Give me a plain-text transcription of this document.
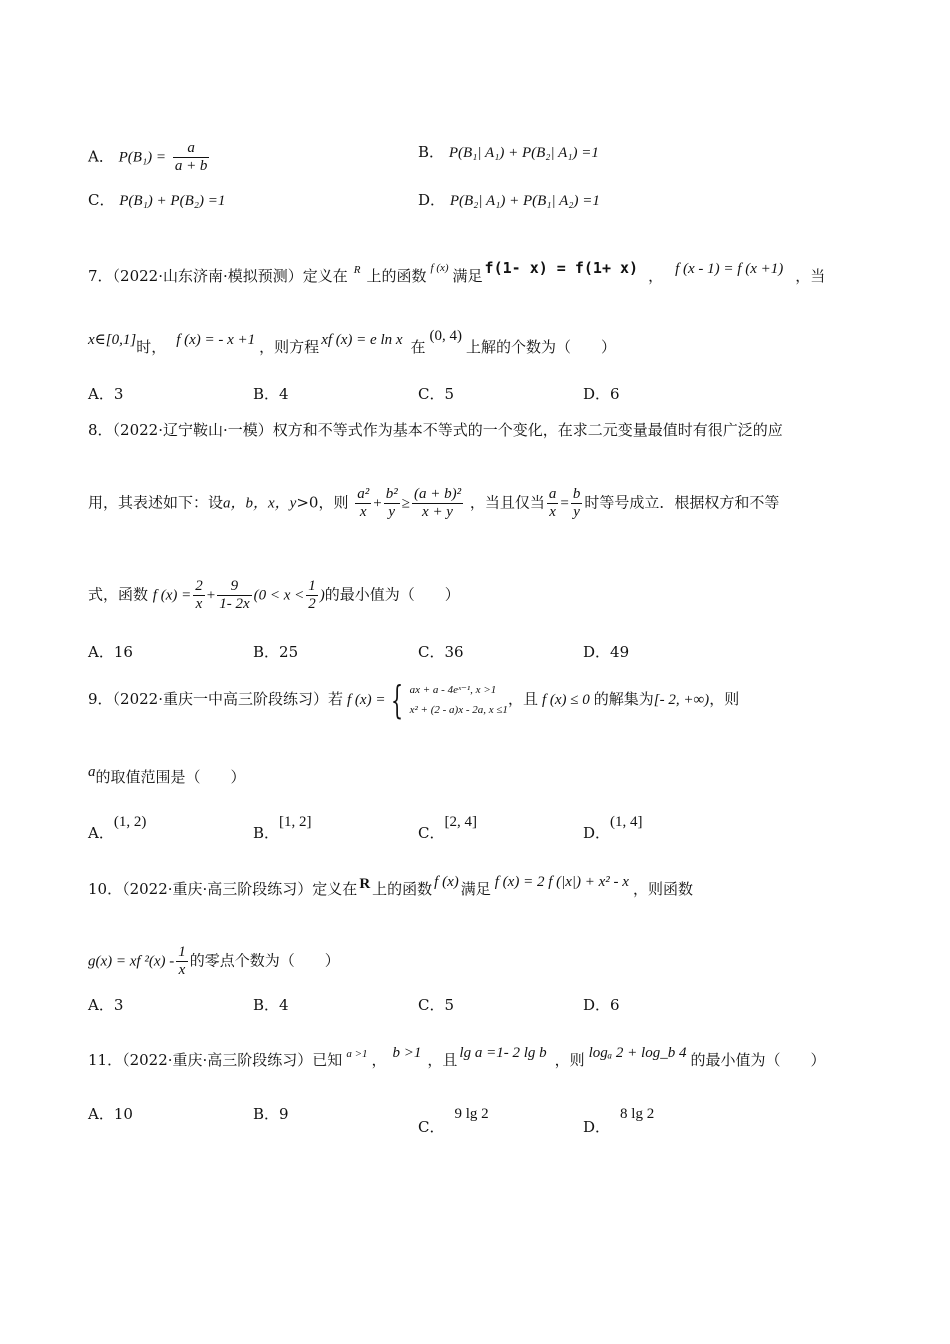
A． $P(B_1) = \frac{a}{a + b}$	B． P(B₁| A₁) + P(B₂| A₁) =1
C． P(B₁) + P(B₂) =1	D． P(B₂| A₁) + P(B₁| A₂) =1
7．（2022·山东济南·模拟预测）定义在 $^R$ 上的函数 $^{f (x)}$ 满足 f(1- x) = f(1+ x) ， f (x - 1) = f (x +1) ，当
x∈[0,1]时， f (x) = - x +1 ，则方程 xf (x) = e ln x 在(0, 4)上解的个数为（　　）
A．3	B．4	C．5	D．6
8．（2022·辽宁鞍山·一模）权方和不等式作为基本不等式的一个变化，在求二元变量最值时有很广泛的应
用，其表述如下：设a，b，x，y>0，则 $\frac{\text{a²}}{x} + \frac{\text{b²}}{y} \ge \frac{\text{(a + b)²}}{x + y}$ ，当且仅当 $\frac{a}{x} = \frac{b}{y}$ 时等号成立．根据权方和不等
式，函数 f $(x) = \frac{2}{x} + \frac{9}{1- 2x} (0 < x < \frac{1}{2}$ )的最小值为（　　）
A．16	B．25	C．36	D．49
9．（2022·重庆一中高三阶段练习）若 f (x) = { ax + a - 4eˣ⁻¹, x >1
x² + (2 - a)x - 2a, x ≤1
，且 f (x) ≤ 0 的解集为[- 2, +∞)，则
a的取值范围是（　　）
A．(1, 2)
B．[1, 2]
C．[2, 4]
D．(1, 4]
10．（2022·重庆·高三阶段练习）定义在 R 上的函数 f (x) 满足 f (x) = 2 f (|x|) + x² - x ，则函数
g(x) = xf $^2(x) - \frac{1}{x}$ 的零点个数为（　　）
A．3	B．4	C．5	D．6
11．（2022·重庆·高三阶段练习）已知 $^{a >1}$ ， b >1 ，且 lg a =1- 2 lg b ，则 logₐ 2 + log_b 4 的最小值为（　　）
A．10	B．9
C．9 lg 2
D．8 lg 2
